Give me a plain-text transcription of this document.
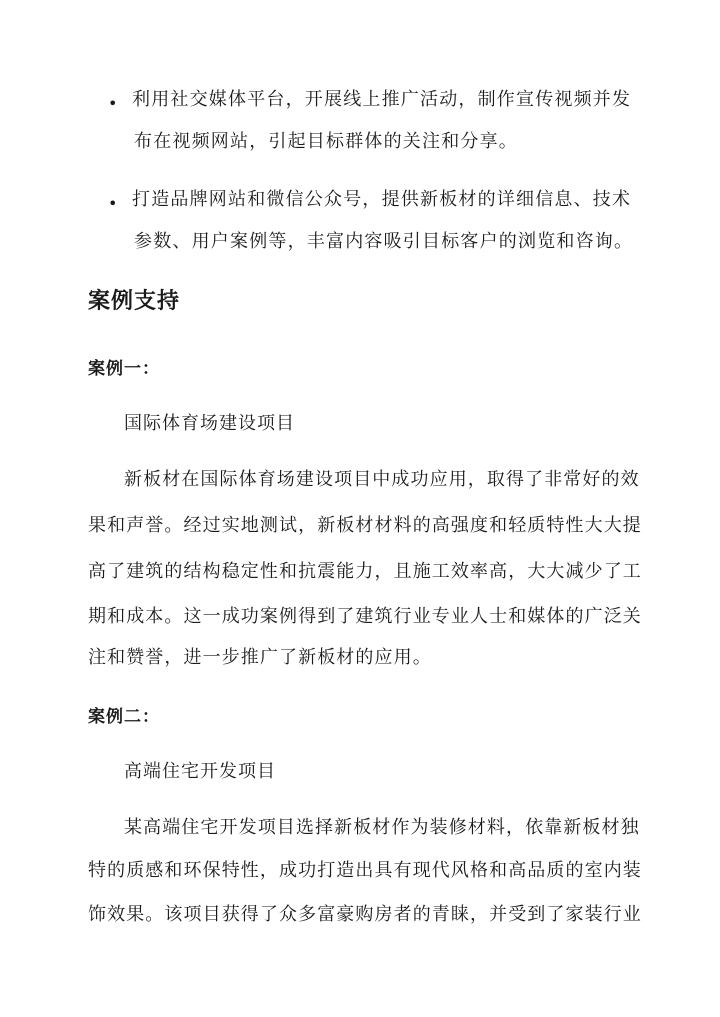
• 利用社交媒体平台，开展线上推广活动，制作宣传视频并发
布在视频网站，引起目标群体的关注和分享。
• 打造品牌网站和微信公众号，提供新板材的详细信息、技术
参数、用户案例等，丰富内容吸引目标客户的浏览和咨询。
案例支持
案例一：
国际体育场建设项目
新板材在国际体育场建设项目中成功应用，取得了非常好的效
果和声誉。经过实地测试，新板材材料的高强度和轻质特性大大提
高了建筑的结构稳定性和抗震能力，且施工效率高，大大减少了工
期和成本。这一成功案例得到了建筑行业专业人士和媒体的广泛关
注和赞誉，进一步推广了新板材的应用。
案例二：
高端住宅开发项目
某高端住宅开发项目选择新板材作为装修材料，依靠新板材独
特的质感和环保特性，成功打造出具有现代风格和高品质的室内装
饰效果。该项目获得了众多富豪购房者的青睐，并受到了家装行业
